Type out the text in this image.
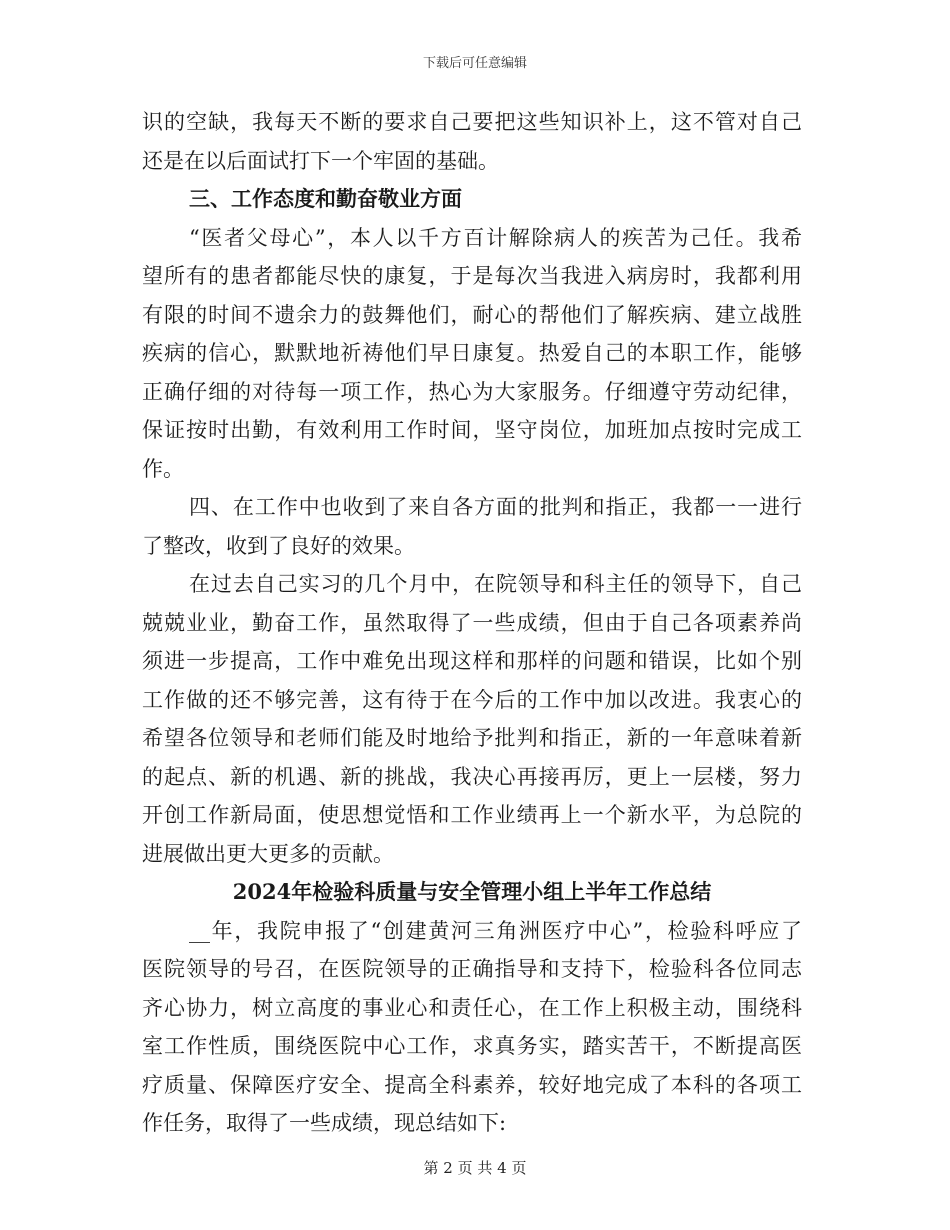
下载后可任意编辑
识的空缺，我每天不断的要求自己要把这些知识补上，这不管对自己
还是在以后面试打下一个牢固的基础。
三、工作态度和勤奋敬业方面
“医者父母心”，本人以千方百计解除病人的疾苦为己任。我希
望所有的患者都能尽快的康复，于是每次当我进入病房时，我都利用
有限的时间不遗余力的鼓舞他们，耐心的帮他们了解疾病、建立战胜
疾病的信心，默默地祈祷他们早日康复。热爱自己的本职工作，能够
正确仔细的对待每一项工作，热心为大家服务。仔细遵守劳动纪律，
保证按时出勤，有效利用工作时间，坚守岗位，加班加点按时完成工
作。
四、在工作中也收到了来自各方面的批判和指正，我都一一进行
了整改，收到了良好的效果。
在过去自己实习的几个月中，在院领导和科主任的领导下，自己
兢兢业业，勤奋工作，虽然取得了一些成绩，但由于自己各项素养尚
须进一步提高，工作中难免出现这样和那样的问题和错误，比如个别
工作做的还不够完善，这有待于在今后的工作中加以改进。我衷心的
希望各位领导和老师们能及时地给予批判和指正，新的一年意味着新
的起点、新的机遇、新的挑战，我决心再接再厉，更上一层楼，努力
开创工作新局面，使思想觉悟和工作业绩再上一个新水平，为总院的
进展做出更大更多的贡献。
2024年检验科质量与安全管理小组上半年工作总结
__年，我院申报了“创建黄河三角洲医疗中心”，检验科呼应了
医院领导的号召，在医院领导的正确指导和支持下，检验科各位同志
齐心协力，树立高度的事业心和责任心，在工作上积极主动，围绕科
室工作性质，围绕医院中心工作，求真务实，踏实苦干，不断提高医
疗质量、保障医疗安全、提高全科素养，较好地完成了本科的各项工
作任务，取得了一些成绩，现总结如下:
第 2 页 共 4 页
